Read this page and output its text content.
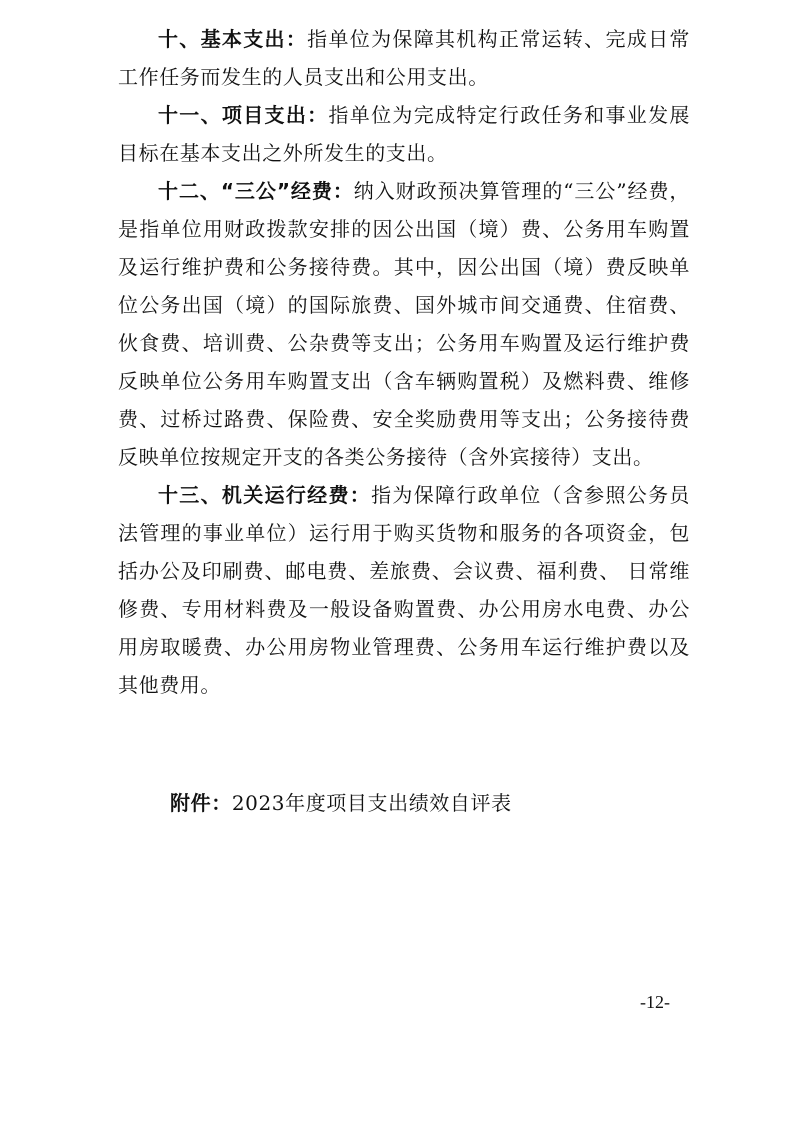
十、基本支出：指单位为保障其机构正常运转、完成日常工作任务而发生的人员支出和公用支出。

十一、项目支出：指单位为完成特定行政任务和事业发展目标在基本支出之外所发生的支出。

十二、“三公”经费：纳入财政预决算管理的“三公”经费，是指单位用财政拨款安排的因公出国（境）费、公务用车购置及运行维护费和公务接待费。其中，因公出国（境）费反映单位公务出国（境）的国际旅费、国外城市间交通费、住宿费、伙食费、培训费、公杂费等支出；公务用车购置及运行维护费反映单位公务用车购置支出（含车辆购置税）及燃料费、维修费、过桥过路费、保险费、安全奖励费用等支出；公务接待费反映单位按规定开支的各类公务接待（含外宾接待）支出。

十三、机关运行经费：指为保障行政单位（含参照公务员法管理的事业单位）运行用于购买货物和服务的各项资金，包括办公及印刷费、邮电费、差旅费、会议费、福利费、 日常维修费、专用材料费及一般设备购置费、办公用房水电费、办公用房取暖费、办公用房物业管理费、公务用车运行维护费以及其他费用。

附件：2023年度项目支出绩效自评表
-12-
